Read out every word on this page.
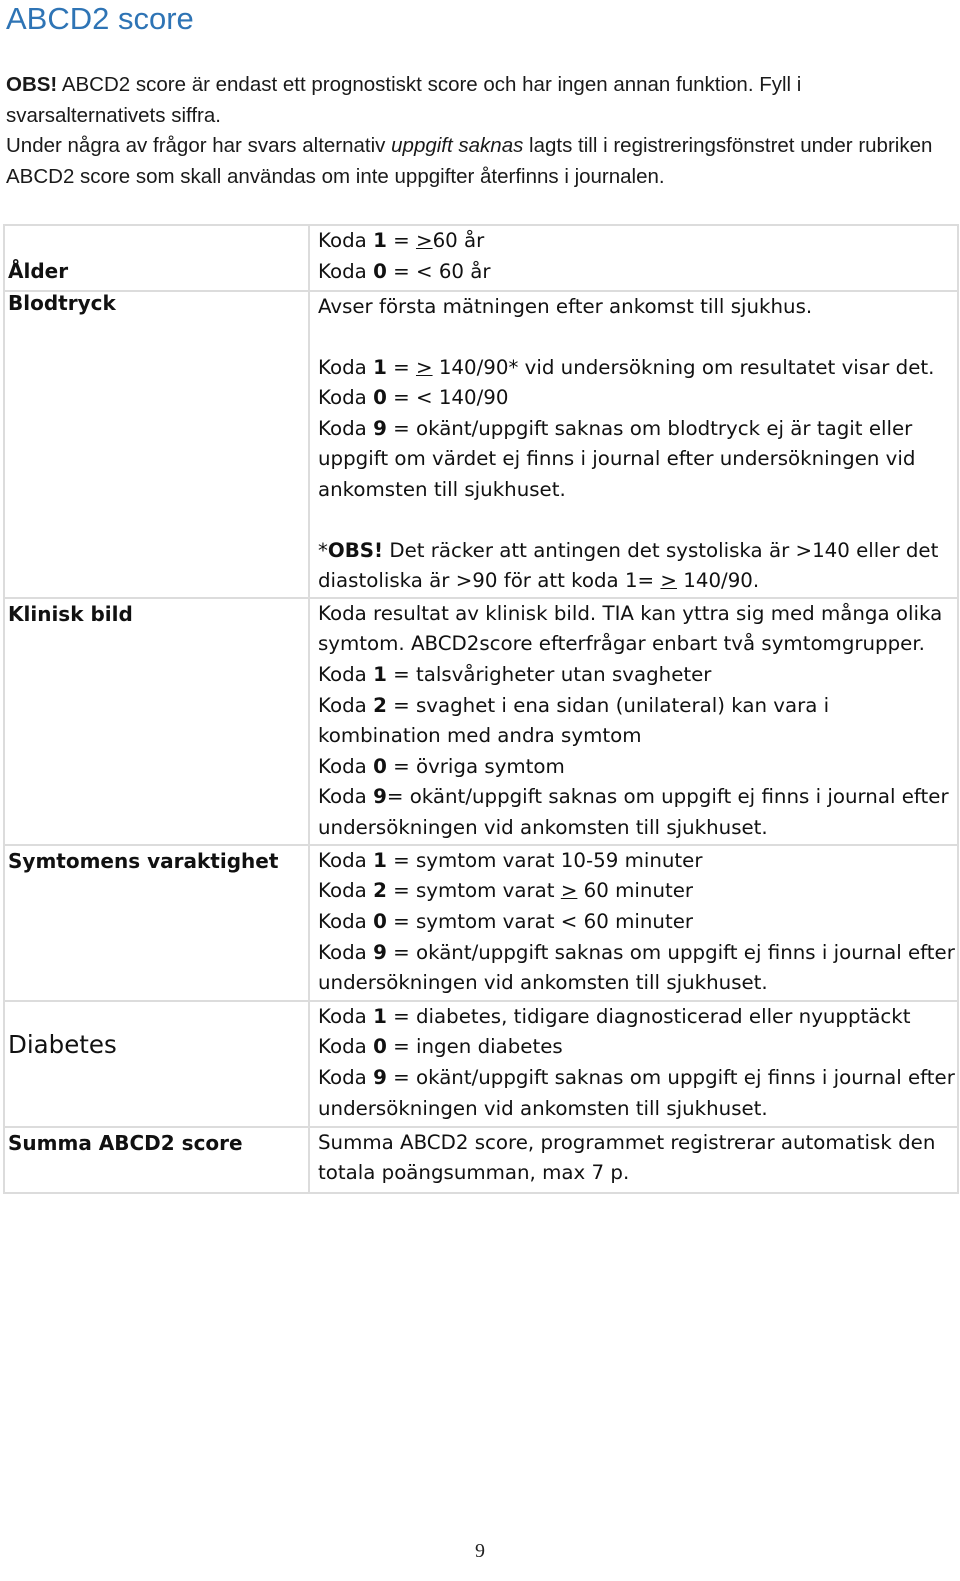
ABCD2 score

OBS! ABCD2 score är endast ett prognostiskt score och har ingen annan funktion. Fyll i svarsalternativets siffra.

Under några av frågor har svars alternativ uppgift saknas lagts till i registreringsfönstret under rubriken ABCD2 score som skall användas om inte uppgifter återfinns i journalen.

Ålder	Koda 1 = >60 år
Koda 0 = < 60 år

Blodtryck	Avser första mätningen efter ankomst till sjukhus.
Koda 1 = > 140/90* vid undersökning om resultatet visar det.
Koda 0 = < 140/90
Koda 9 = okänt/uppgift saknas om blodtryck ej är tagit eller uppgift om värdet ej finns i journal efter undersökningen vid ankomsten till sjukhuset.
*OBS! Det räcker att antingen det systoliska är >140 eller det diastoliska är >90 för att koda 1= > 140/90.

Klinisk bild	Koda resultat av klinisk bild. TIA kan yttra sig med många olika symtom. ABCD2score efterfrågar enbart två symtomgrupper.
Koda 1 = talsvårigheter utan svagheter
Koda 2 = svaghet i ena sidan (unilateral) kan vara i kombination med andra symtom
Koda 0 = övriga symtom
Koda 9= okänt/uppgift saknas om uppgift ej finns i journal efter undersökningen vid ankomsten till sjukhuset.

Symtomens varaktighet	Koda 1 = symtom varat 10-59 minuter
Koda 2 = symtom varat > 60 minuter
Koda 0 = symtom varat < 60 minuter
Koda 9 = okänt/uppgift saknas om uppgift ej finns i journal efter undersökningen vid ankomsten till sjukhuset.

Diabetes	Koda 1 = diabetes, tidigare diagnosticerad eller nyupptäckt
Koda 0 = ingen diabetes
Koda 9 = okänt/uppgift saknas om uppgift ej finns i journal efter undersökningen vid ankomsten till sjukhuset.

Summa ABCD2 score	Summa ABCD2 score, programmet registrerar automatisk den totala poängsumman, max 7 p.
9
